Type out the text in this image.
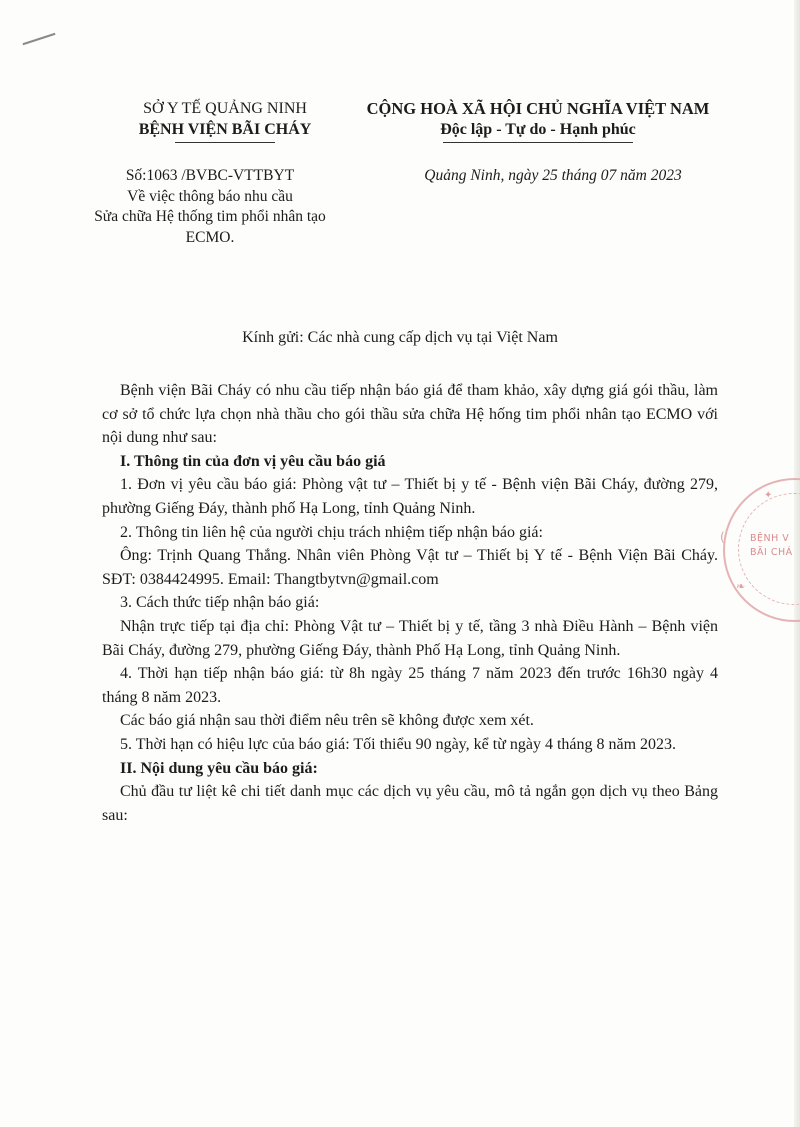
SỞ Y TẾ QUẢNG NINH
BỆNH VIỆN BÃI CHÁY
CỘNG HOÀ XÃ HỘI CHỦ NGHĨA VIỆT NAM
Độc lập - Tự do - Hạnh phúc
Số:1063 /BVBC-VTTBYT
Về việc thông báo nhu cầu
Sửa chữa Hệ thống tim phổi nhân tạo
ECMO.
Quảng Ninh, ngày 25 tháng 07 năm 2023
Kính gửi: Các nhà cung cấp dịch vụ tại Việt Nam

Bệnh viện Bãi Cháy có nhu cầu tiếp nhận báo giá để tham khảo, xây dựng giá gói thầu, làm cơ sở tổ chức lựa chọn nhà thầu cho gói thầu sửa chữa Hệ hống tim phổi nhân tạo ECMO với nội dung như sau:

I. Thông tin của đơn vị yêu cầu báo giá

1. Đơn vị yêu cầu báo giá: Phòng vật tư – Thiết bị y tế - Bệnh viện Bãi Cháy, đường 279, phường Giếng Đáy, thành phố Hạ Long, tỉnh Quảng Ninh.

2. Thông tin liên hệ của người chịu trách nhiệm tiếp nhận báo giá:

Ông: Trịnh Quang Thắng. Nhân viên Phòng Vật tư – Thiết bị Y tế - Bệnh Viện Bãi Cháy. SĐT: 0384424995. Email: Thangtbytvn@gmail.com

3. Cách thức tiếp nhận báo giá:

Nhận trực tiếp tại địa chỉ: Phòng Vật tư – Thiết bị y tế, tầng 3 nhà Điều Hành – Bệnh viện Bãi Cháy, đường 279, phường Giếng Đáy, thành Phố Hạ Long, tỉnh Quảng Ninh.

4. Thời hạn tiếp nhận báo giá: từ 8h ngày 25 tháng 7 năm 2023 đến trước 16h30 ngày 4 tháng 8 năm 2023.

Các báo giá nhận sau thời điểm nêu trên sẽ không được xem xét.

5. Thời hạn có hiệu lực của báo giá: Tối thiểu 90 ngày, kể từ ngày 4 tháng 8 năm 2023.

II. Nội dung yêu cầu báo giá:

Chủ đầu tư liệt kê chi tiết danh mục các dịch vụ yêu cầu, mô tả ngắn gọn dịch vụ theo Bảng sau:

✦
(
❧
BỆNH V
BÃI CHÁ
